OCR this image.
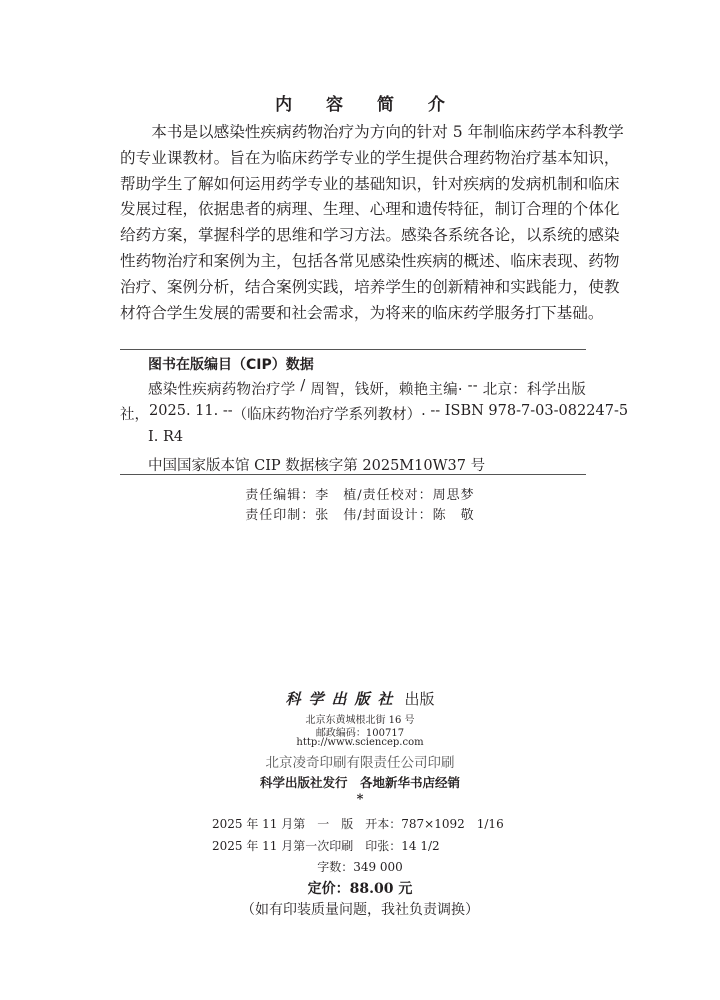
内 容 简 介

本 书 是 以 感 染 性 疾 病 药 物 治 疗 为 方 向 的 针 对
5
年 制 临 床 药 学 本 科 教 学
的 专 业 课 教 材 。 旨 在 为 临 床 药 学 专 业 的 学 生 提 供 合 理 药 物 治 疗 基 本 知 识 ，
帮 助 学 生 了 解 如 何 运 用 药 学 专 业 的 基 础 知 识 ， 针 对 疾 病 的 发 病 机 制 和 临 床
发 展 过 程 ， 依 据 患 者 的 病 理 、 生 理 、 心 理 和 遗 传 特 征 ， 制 订 合 理 的 个 体 化
给 药 方 案 ， 掌 握 科 学 的 思 维 和 学 习 方 法 。 感 染 各 系 统 各 论 ， 以 系 统 的 感 染
性 药 物 治 疗 和 案 例 为 主 ， 包 括 各 常 见 感 染 性 疾 病 的 概 述 、 临 床 表 现 、 药 物
治 疗 、 案 例 分 析 ， 结 合 案 例 实 践 ， 培 养 学 生 的 创 新 精 神 和 实 践 能 力 ， 使 教
材符合学生发展的需要和社会需求，为将来的临床药学服务打下基础。
图书在版编目（CIP）数据
感 染 性 疾 病 药 物 治 疗 学
/
周 智 ， 钱 妍 ， 赖 艳 主 编 .
- -
北 京 ： 科 学 出 版
社 ， 2 0 2 5 .
1 1 .
- - （ 临 床 药 物 治 疗 学 系 列 教 材 ） .
- -
I S B N
9 7 8 - 7 - 0 3 - 0 8 2 2 4 7 - 5
Ⅰ. R4
中国国家版本馆 CIP 数据核字第 2025M10W37 号
责任编辑：李　植/责任校对：周思梦
责任印制：张　伟/封面设计：陈　敬
科学出版社 出版
北京东黄城根北街 16 号
邮政编码：100717
http://www.sciencep.com
北京凌奇印刷有限责任公司印刷
科学出版社发行　各地新华书店经销
*
2025 年 11 月第　一　版　开本：787×1092　1/16
2025 年 11 月第一次印刷　印张：14 1/2
字数：349 000
定价：88.00 元
（如有印装质量问题，我社负责调换）
